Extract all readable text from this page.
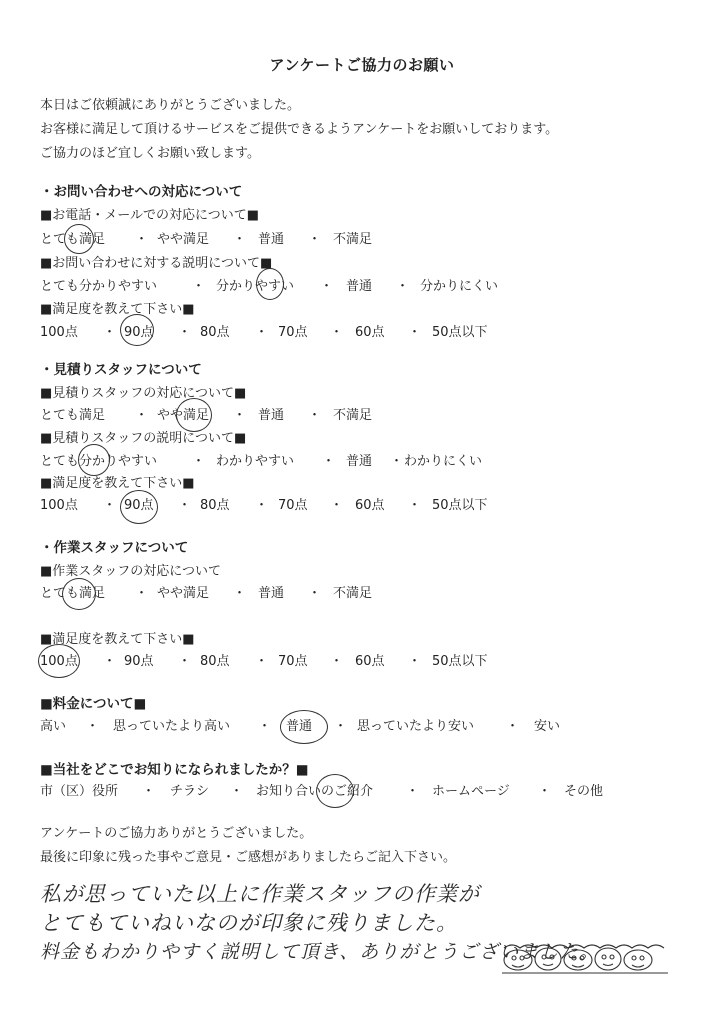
アンケートご協力のお願い
本日はご依頼誠にありがとうございました。
お客様に満足して頂けるサービスをご提供できるようアンケートをお願いしております。
ご協力のほど宜しくお願い致します。
・お問い合わせへの対応について
■お電話・メールでの対応について■
とても満足 ・ やや満足 ・ 普通 ・ 不満足
■お問い合わせに対する説明について■
とても分かりやすい	・ 分かりやすい ・ 普通 ・ 分かりにくい
■満足度を教えて下さい■
100点 ・ 90点 ・ 80点 ・ 70点 ・ 60点 ・ 50点以下
・見積りスタッフについて
■見積りスタッフの対応について■
とても満足 ・ やや満足 ・ 普通 ・ 不満足
■見積りスタッフの説明について■
とても分かりやすい	・ わかりやすい ・ 普通 ・ わかりにくい
■満足度を教えて下さい■
100点 ・ 90点 ・ 80点 ・ 70点 ・ 60点 ・ 50点以下
・作業スタッフについて
■作業スタッフの対応について
とても満足 ・ やや満足 ・ 普通 ・ 不満足
■満足度を教えて下さい■
100点 ・ 90点 ・ 80点 ・ 70点 ・ 60点 ・ 50点以下
■料金について■
高い ・ 思っていたより高い ・ 普通 ・ 思っていたより安い ・ 安い
■当社をどこでお知りになられましたか？■
市（区）役所 ・ チラシ ・ お知り合いのご紹介	・ ホームページ ・ その他
アンケートのご協力ありがとうございました。
最後に印象に残った事やご意見・ご感想がありましたらご記入下さい。
私が思っていた以上に作業スタッフの作業が
とてもていねいなのが印象に残りました。
料金もわかりやすく説明して頂き、ありがとうございました。
